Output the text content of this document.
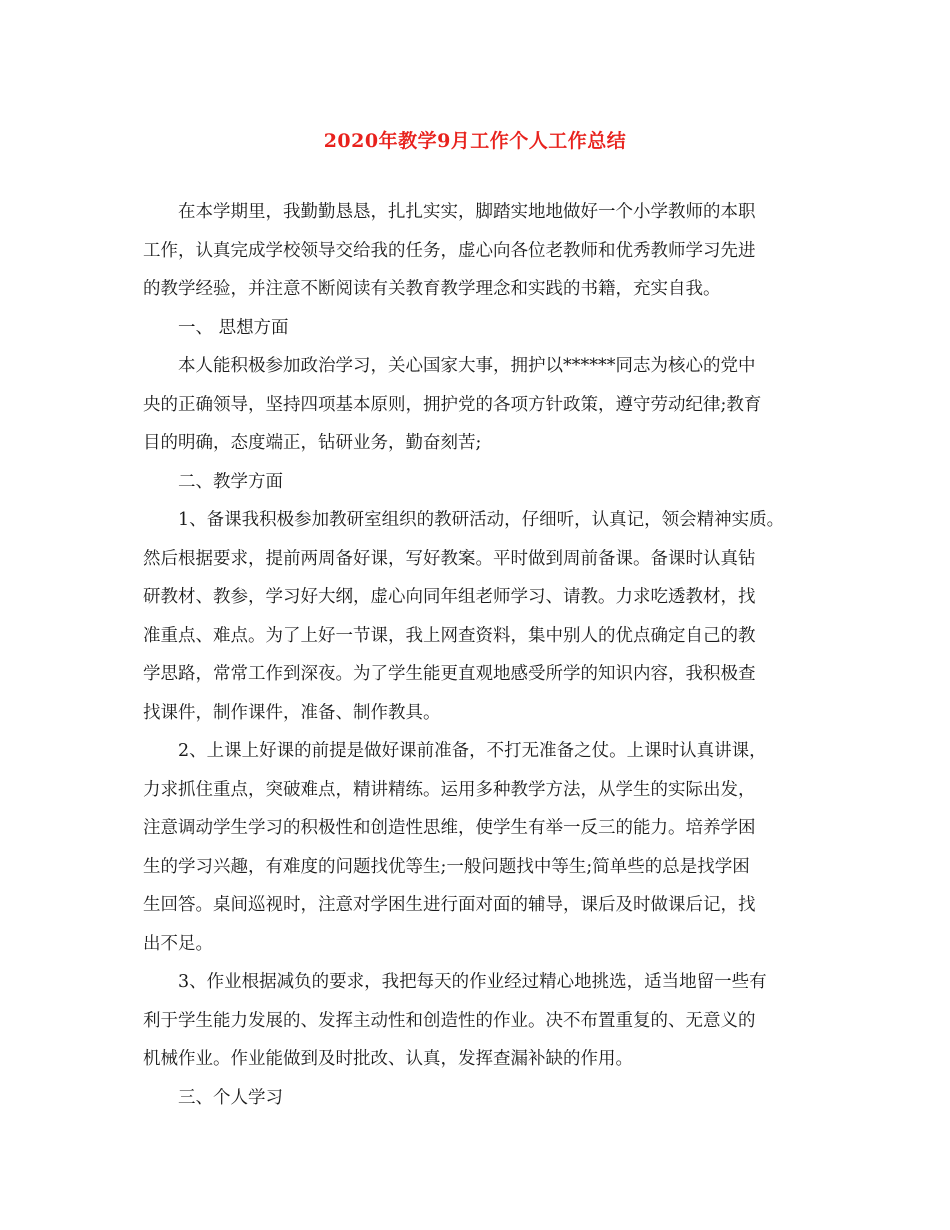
2020年教学9月工作个人工作总结
在本学期里，我勤勤恳恳，扎扎实实，脚踏实地地做好一个小学教师的本职
工作，认真完成学校领导交给我的任务，虚心向各位老教师和优秀教师学习先进
的教学经验，并注意不断阅读有关教育教学理念和实践的书籍，充实自我。
一、 思想方面
本人能积极参加政治学习，关心国家大事，拥护以******同志为核心的党中
央的正确领导，坚持四项基本原则，拥护党的各项方针政策，遵守劳动纪律;教育
目的明确，态度端正，钻研业务，勤奋刻苦;
二、教学方面
1、备课我积极参加教研室组织的教研活动，仔细听，认真记，领会精神实质。
然后根据要求，提前两周备好课，写好教案。平时做到周前备课。备课时认真钻
研教材、教参，学习好大纲，虚心向同年组老师学习、请教。力求吃透教材，找
准重点、难点。为了上好一节课，我上网查资料，集中别人的优点确定自己的教
学思路，常常工作到深夜。为了学生能更直观地感受所学的知识内容，我积极查
找课件，制作课件，准备、制作教具。
2、上课上好课的前提是做好课前准备，不打无准备之仗。上课时认真讲课，
力求抓住重点，突破难点，精讲精练。运用多种教学方法，从学生的实际出发，
注意调动学生学习的积极性和创造性思维，使学生有举一反三的能力。培养学困
生的学习兴趣，有难度的问题找优等生;一般问题找中等生;简单些的总是找学困
生回答。桌间巡视时，注意对学困生进行面对面的辅导，课后及时做课后记，找
出不足。
3、作业根据减负的要求，我把每天的作业经过精心地挑选，适当地留一些有
利于学生能力发展的、发挥主动性和创造性的作业。决不布置重复的、无意义的
机械作业。作业能做到及时批改、认真，发挥查漏补缺的作用。
三、个人学习
